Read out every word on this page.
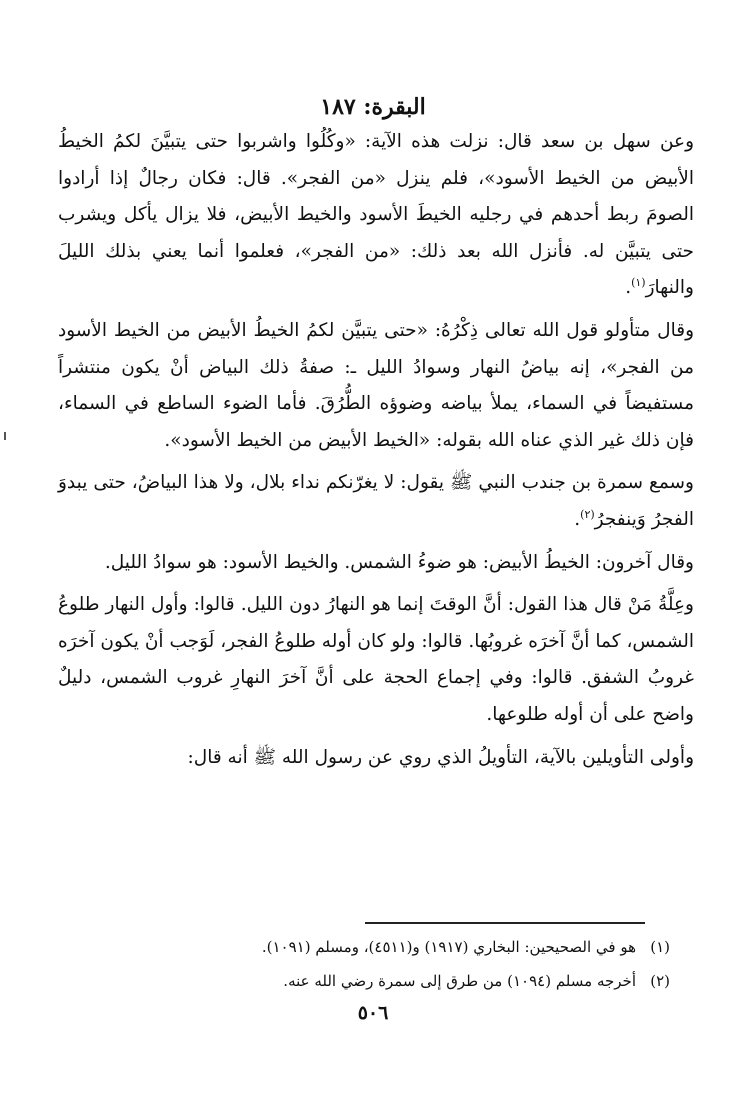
البقرة: ١٨٧

وعن سهل بن سعد قال: نزلت هذه الآية: «وكُلُوا واشربوا حتى يتبيَّنَ لكمُ الخيطُ الأبيض من الخيط الأسود»، فلم ينزل «من الفجر». قال: فكان رجالٌ إذا أرادوا الصومَ ربط أحدهم في رجليه الخيطَ الأسود والخيط الأبيض، فلا يزال يأكل ويشرب حتى يتبيَّن له. فأنزل الله بعد ذلك: «من الفجر»، فعلموا أنما يعني بذلك الليلَ والنهارَ$^{(١)}$.

وقال متأولو قول الله تعالى ذِكْرُهُ: «حتى يتبيَّن لكمُ الخيطُ الأبيض من الخيط الأسود من الفجر»، إنه بياضُ النهار وسوادُ الليل ـ: صفةُ ذلك البياض أنْ يكون منتشراً مستفيضاً في السماء، يملأ بياضه وضوؤه الطُّرُقَ. فأما الضوء الساطع في السماء، فإن ذلك غير الذي عناه الله بقوله: «الخيط الأبيض من الخيط الأسود».

وسمع سمرة بن جندب النبي ﷺ يقول: لا يغرّنكم نداء بلال، ولا هذا البياضُ، حتى يبدوَ الفجرُ وَينفجرُ$^{(٢)}$.

وقال آخرون: الخيطُ الأبيض: هو ضوءُ الشمس. والخيط الأسود: هو سوادُ الليل.

وعِلَّةُ مَنْ قال هذا القول: أنَّ الوقتَ إنما هو النهارُ دون الليل. قالوا: وأول النهار طلوعُ الشمس، كما أنَّ آخرَه غروبُها. قالوا: ولو كان أوله طلوعُ الفجر، لَوَجب أنْ يكون آخرَه غروبُ الشفق. قالوا: وفي إجماع الحجة على أنَّ آخرَ النهارِ غروب الشمس، دليلٌ واضح على أن أوله طلوعها.

وأولى التأويلين بالآية، التأويلُ الذي روي عن رسول الله ﷺ أنه قال:

(١)هو في الصحيحين: البخاري (١٩١٧) و(٤٥١١)، ومسلم (١٠٩١).
(٢)أخرجه مسلم (١٠٩٤) من طرق إلى سمرة رضي الله عنه.
٥٠٦
